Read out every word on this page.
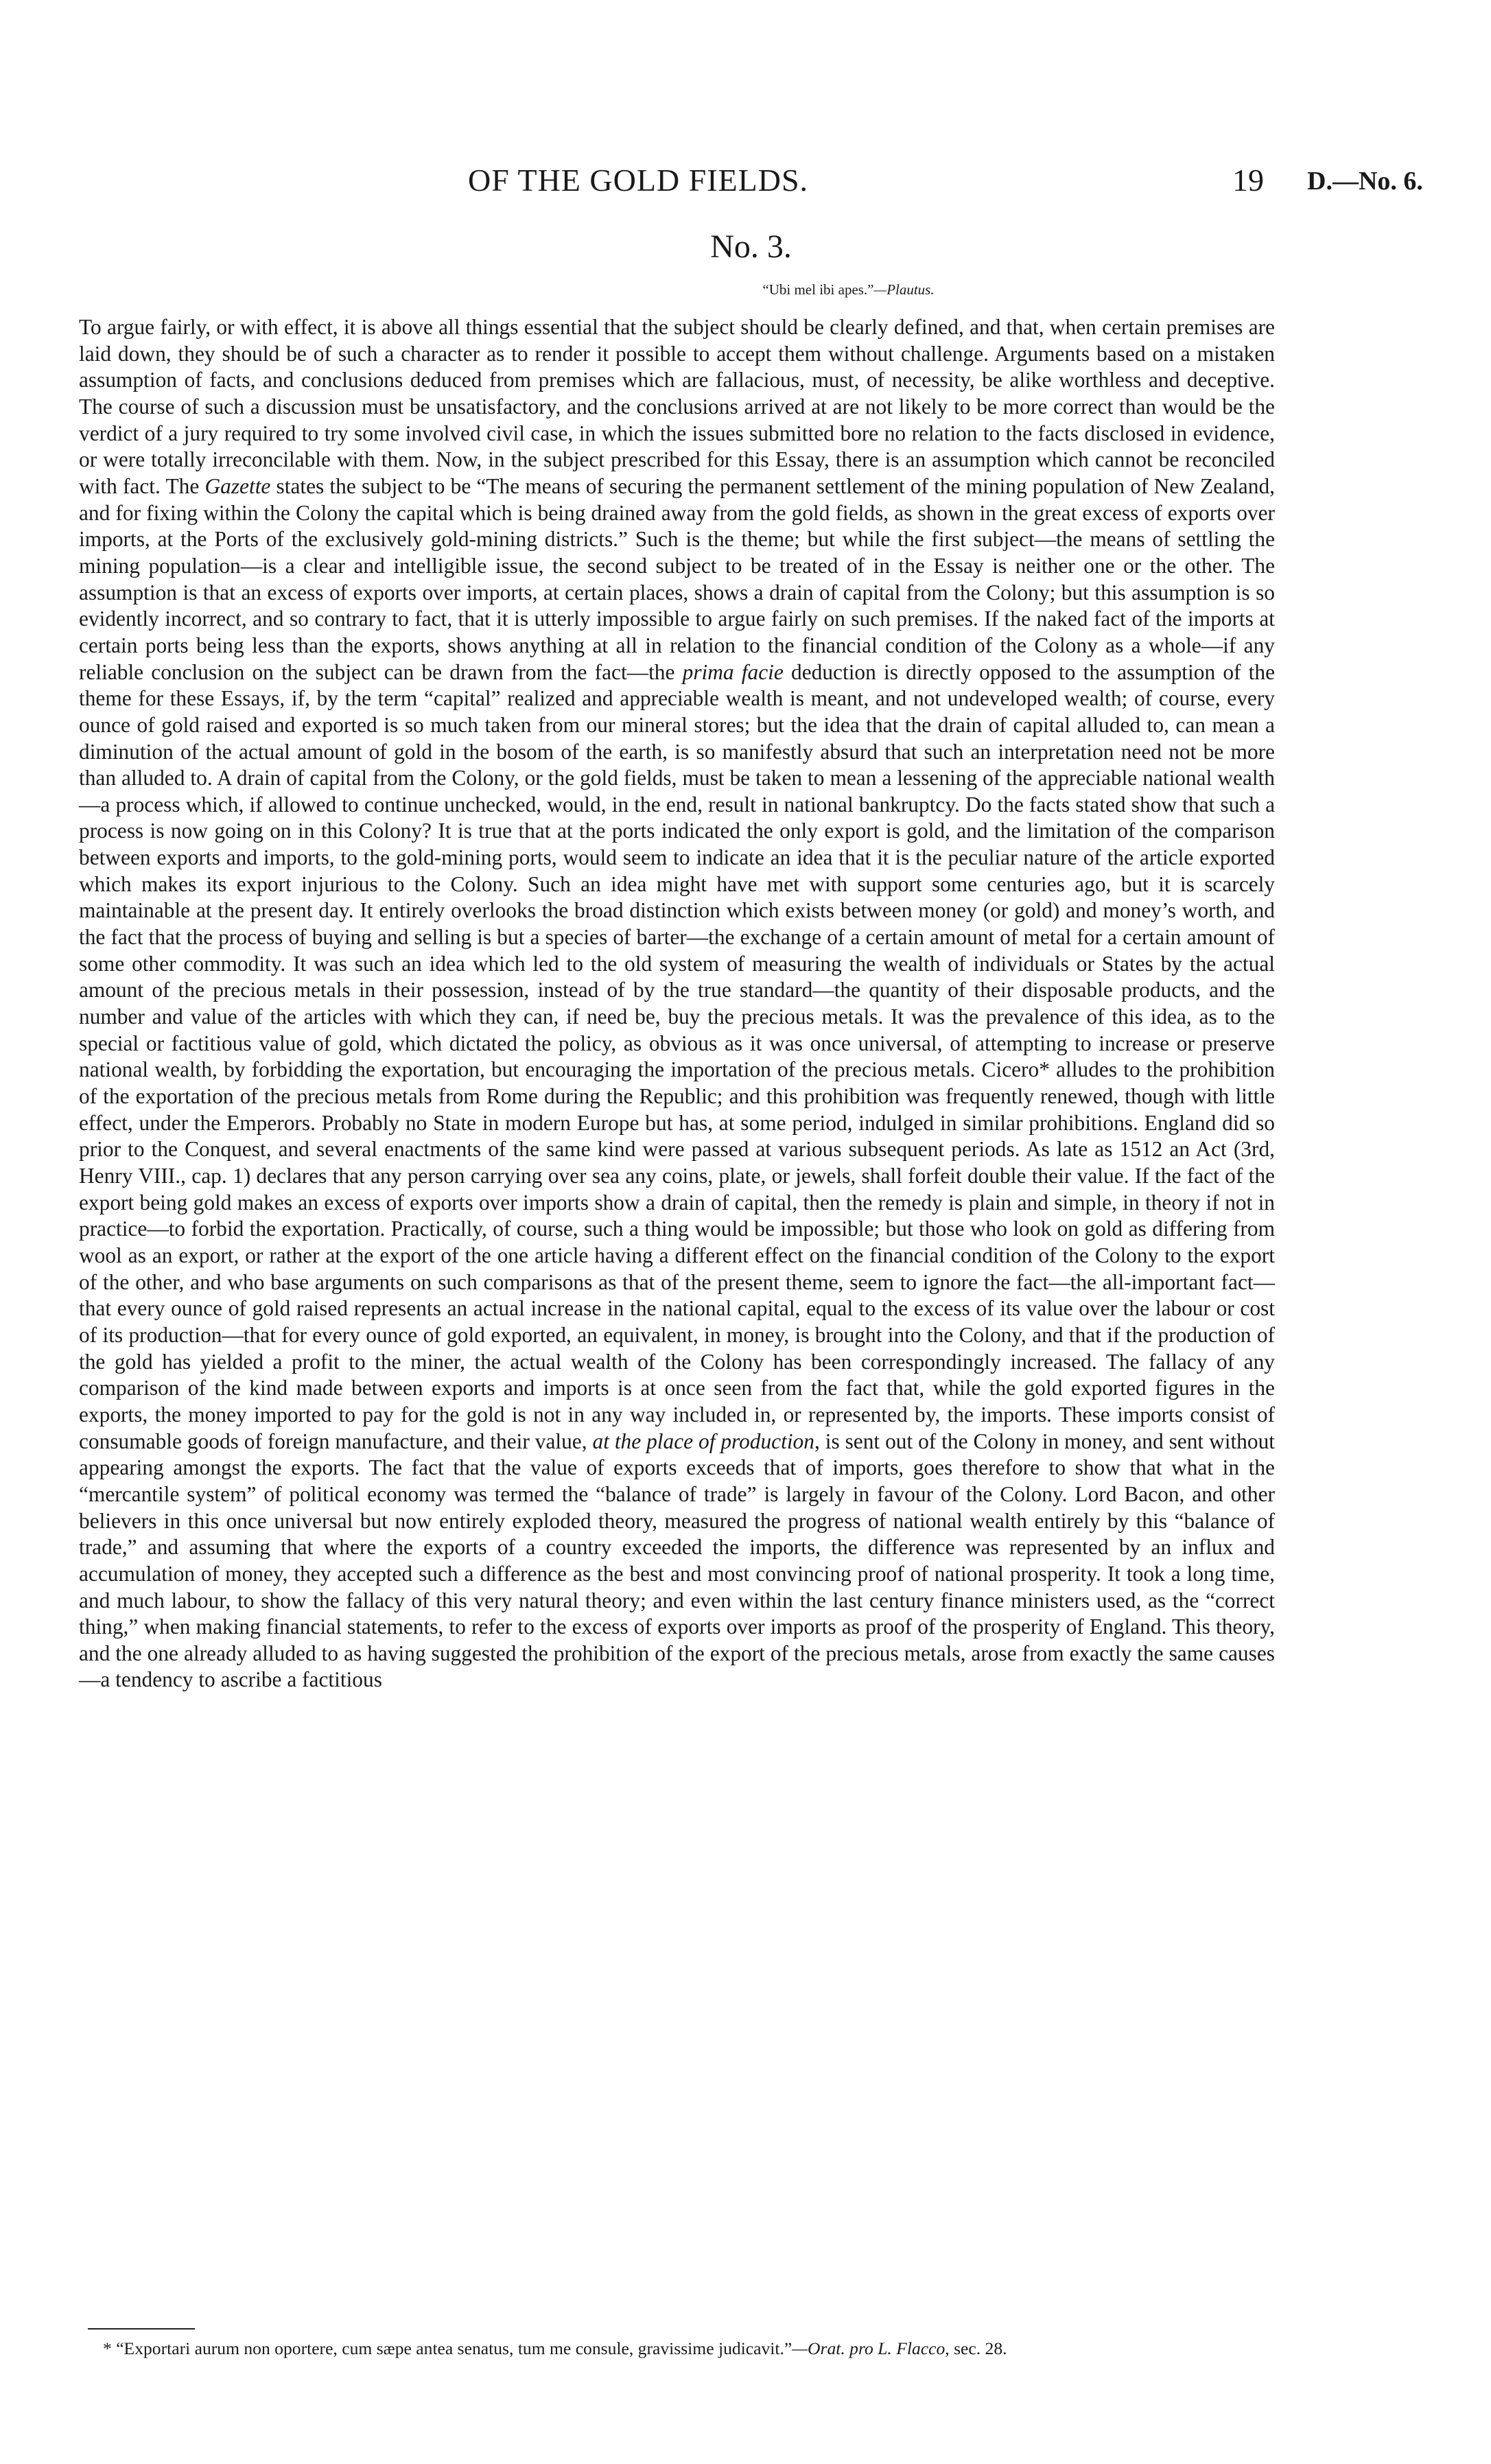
OF THE GOLD FIELDS.	19 D.—No. 6.
No. 3.
“Ubi mel ibi apes.”—Plautus.

To argue fairly, or with effect, it is above all things essential that the subject should be clearly defined, and that, when certain premises are laid down, they should be of such a character as to render it possible to accept them without challenge. Arguments based on a mistaken assumption of facts, and conclusions deduced from premises which are fallacious, must, of necessity, be alike worthless and deceptive. The course of such a discussion must be unsatisfactory, and the conclusions arrived at are not likely to be more correct than would be the verdict of a jury required to try some involved civil case, in which the issues submitted bore no relation to the facts disclosed in evidence, or were totally irreconcilable with them. Now, in the subject prescribed for this Essay, there is an assumption which cannot be reconciled with fact. The Gazette states the subject to be “The means of securing the permanent settlement of the mining population of New Zealand, and for fixing within the Colony the capital which is being drained away from the gold fields, as shown in the great excess of exports over imports, at the Ports of the exclusively gold-mining districts.” Such is the theme; but while the first subject—the means of settling the mining population—is a clear and intelligible issue, the second subject to be treated of in the Essay is neither one or the other. The assumption is that an excess of exports over imports, at certain places, shows a drain of capital from the Colony; but this assumption is so evidently incorrect, and so contrary to fact, that it is utterly impossible to argue fairly on such premises. If the naked fact of the imports at certain ports being less than the exports, shows anything at all in relation to the financial condition of the Colony as a whole—if any reliable conclusion on the subject can be drawn from the fact—the prima facie deduction is directly opposed to the assumption of the theme for these Essays, if, by the term “capital” realized and appreciable wealth is meant, and not undeveloped wealth; of course, every ounce of gold raised and exported is so much taken from our mineral stores; but the idea that the drain of capital alluded to, can mean a diminution of the actual amount of gold in the bosom of the earth, is so manifestly absurd that such an interpretation need not be more than alluded to. A drain of capital from the Colony, or the gold fields, must be taken to mean a lessening of the appreciable national wealth—a process which, if allowed to continue unchecked, would, in the end, result in national bankruptcy. Do the facts stated show that such a process is now going on in this Colony? It is true that at the ports indicated the only export is gold, and the limitation of the comparison between exports and imports, to the gold-mining ports, would seem to indicate an idea that it is the peculiar nature of the article exported which makes its export injurious to the Colony. Such an idea might have met with support some centuries ago, but it is scarcely maintainable at the present day. It entirely overlooks the broad distinction which exists between money (or gold) and money’s worth, and the fact that the process of buying and selling is but a species of barter—the exchange of a certain amount of metal for a certain amount of some other commodity. It was such an idea which led to the old system of measuring the wealth of individuals or States by the actual amount of the precious metals in their possession, instead of by the true standard—the quantity of their disposable products, and the number and value of the articles with which they can, if need be, buy the precious metals. It was the prevalence of this idea, as to the special or factitious value of gold, which dictated the policy, as obvious as it was once universal, of attempting to increase or preserve national wealth, by forbidding the exportation, but encouraging the importation of the precious metals. Cicero* alludes to the prohibition of the exportation of the precious metals from Rome during the Republic; and this prohibition was frequently renewed, though with little effect, under the Emperors. Probably no State in modern Europe but has, at some period, indulged in similar prohibitions. England did so prior to the Conquest, and several enactments of the same kind were passed at various subsequent periods. As late as 1512 an Act (3rd, Henry VIII., cap. 1) declares that any person carrying over sea any coins, plate, or jewels, shall forfeit double their value. If the fact of the export being gold makes an excess of exports over imports show a drain of capital, then the remedy is plain and simple, in theory if not in practice—to forbid the exportation. Practically, of course, such a thing would be impossible; but those who look on gold as differing from wool as an export, or rather at the export of the one article having a different effect on the financial condition of the Colony to the export of the other, and who base arguments on such comparisons as that of the present theme, seem to ignore the fact—the all-important fact—that every ounce of gold raised represents an actual increase in the national capital, equal to the excess of its value over the labour or cost of its production—that for every ounce of gold exported, an equivalent, in money, is brought into the Colony, and that if the production of the gold has yielded a profit to the miner, the actual wealth of the Colony has been correspondingly increased. The fallacy of any comparison of the kind made between exports and imports is at once seen from the fact that, while the gold exported figures in the exports, the money imported to pay for the gold is not in any way included in, or represented by, the imports. These imports consist of consumable goods of foreign manufacture, and their value, at the place of production, is sent out of the Colony in money, and sent without appearing amongst the exports. The fact that the value of exports exceeds that of imports, goes therefore to show that what in the “mercantile system” of political economy was termed the “balance of trade” is largely in favour of the Colony. Lord Bacon, and other believers in this once universal but now entirely exploded theory, measured the progress of national wealth entirely by this “balance of trade,” and assuming that where the exports of a country exceeded the imports, the difference was represented by an influx and accumulation of money, they accepted such a difference as the best and most convincing proof of national prosperity. It took a long time, and much labour, to show the fallacy of this very natural theory; and even within the last century finance ministers used, as the “correct thing,” when making financial statements, to refer to the excess of exports over imports as proof of the prosperity of England. This theory, and the one already alluded to as having suggested the prohibition of the export of the precious metals, arose from exactly the same causes—a tendency to ascribe a factitious

* “Exportari aurum non oportere, cum sæpe antea senatus, tum me consule, gravissime judicavit.”—Orat. pro L. Flacco, sec. 28.
